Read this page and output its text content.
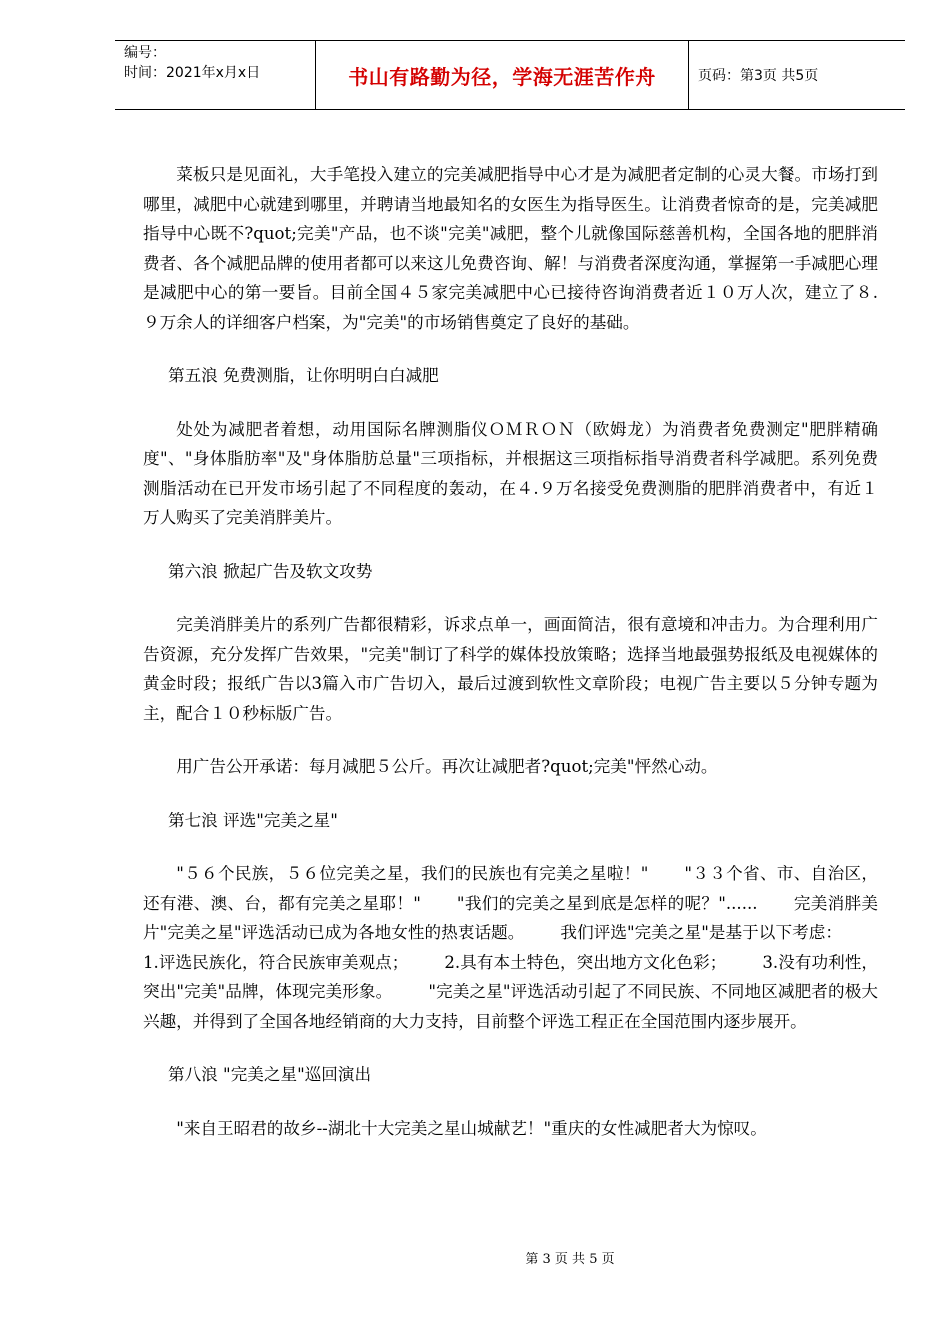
编号：
时间：2021年x月x日	书山有路勤为径，学海无涯苦作舟	页码：第3页 共5页

菜板只是见面礼，大手笔投入建立的完美减肥指导中心才是为减肥者定制的心灵大餐。市场打到哪里，减肥中心就建到哪里，并聘请当地最知名的女医生为指导医生。让消费者惊奇的是，完美减肥指导中心既不?quot;完美"产品，也不谈"完美"减肥，整个儿就像国际慈善机构，全国各地的肥胖消费者、各个减肥品牌的使用者都可以来这儿免费咨询、解！与消费者深度沟通，掌握第一手减肥心理是减肥中心的第一要旨。目前全国４５家完美减肥中心已接待咨询消费者近１０万人次，建立了８.９万余人的详细客户档案，为"完美"的市场销售奠定了良好的基础。

第五浪 免费测脂，让你明明白白减肥

处处为减肥者着想，动用国际名牌测脂仪ＯＭＲＯＮ（欧姆龙）为消费者免费测定"肥胖精确度"、"身体脂肪率"及"身体脂肪总量"三项指标，并根据这三项指标指导消费者科学减肥。系列免费测脂活动在已开发市场引起了不同程度的轰动，在４.９万名接受免费测脂的肥胖消费者中，有近１万人购买了完美消胖美片。

第六浪 掀起广告及软文攻势

完美消胖美片的系列广告都很精彩，诉求点单一，画面简洁，很有意境和冲击力。为合理利用广告资源，充分发挥广告效果，"完美"制订了科学的媒体投放策略；选择当地最强势报纸及电视媒体的黄金时段；报纸广告以3篇入市广告切入，最后过渡到软性文章阶段；电视广告主要以５分钟专题为主，配合１０秒标版广告。

用广告公开承诺：每月减肥５公斤。再次让减肥者?quot;完美"怦然心动。

第七浪 评选"完美之星"

"５６个民族，５６位完美之星，我们的民族也有完美之星啦！" "３３个省、市、自治区，还有港、澳、台，都有完美之星耶！" "我们的完美之星到底是怎样的呢？"...... 完美消胖美片"完美之星"评选活动已成为各地女性的热衷话题。 我们评选"完美之星"是基于以下考虑：1.评选民族化，符合民族审美观点； 2.具有本土特色，突出地方文化色彩； 3.没有功利性，突出"完美"品牌，体现完美形象。 "完美之星"评选活动引起了不同民族、不同地区减肥者的极大兴趣，并得到了全国各地经销商的大力支持，目前整个评选工程正在全国范围内逐步展开。

第八浪 "完美之星"巡回演出

"来自王昭君的故乡--湖北十大完美之星山城献艺！"重庆的女性减肥者大为惊叹。

第 3 页 共 5 页
